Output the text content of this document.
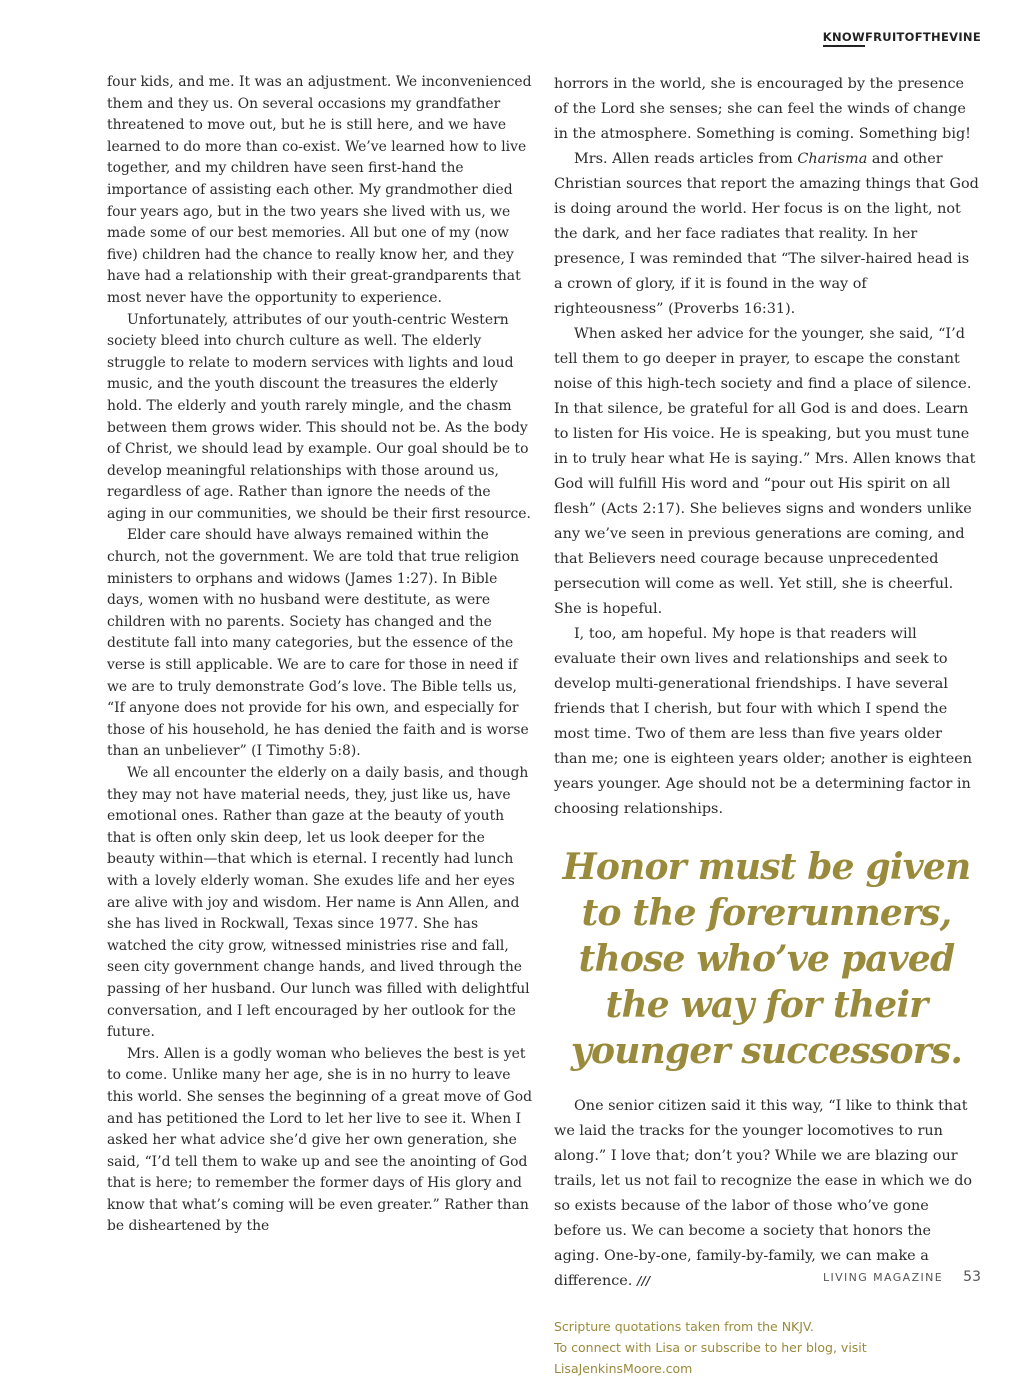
KNOWFRUITOFTHEVINE

four kids, and me. It was an adjustment. We inconvenienced them and they us. On several occasions my grandfather threatened to move out, but he is still here, and we have learned to do more than co-exist. We’ve learned how to live together, and my children have seen first-hand the importance of assisting each other. My grandmother died four years ago, but in the two years she lived with us, we made some of our best memories. All but one of my (now five) children had the chance to really know her, and they have had a relationship with their great-grandparents that most never have the opportunity to experience.

Unfortunately, attributes of our youth-centric Western society bleed into church culture as well. The elderly struggle to relate to modern services with lights and loud music, and the youth discount the treasures the elderly hold. The elderly and youth rarely mingle, and the chasm between them grows wider. This should not be. As the body of Christ, we should lead by example. Our goal should be to develop meaningful relationships with those around us, regardless of age. Rather than ignore the needs of the aging in our communities, we should be their first resource.

Elder care should have always remained within the church, not the government. We are told that true religion ministers to orphans and widows (James 1:27). In Bible days, women with no husband were destitute, as were children with no parents. Society has changed and the destitute fall into many categories, but the essence of the verse is still applicable. We are to care for those in need if we are to truly demonstrate God’s love. The Bible tells us, “If anyone does not provide for his own, and especially for those of his household, he has denied the faith and is worse than an unbeliever” (I Timothy 5:8).

We all encounter the elderly on a daily basis, and though they may not have material needs, they, just like us, have emotional ones. Rather than gaze at the beauty of youth that is often only skin deep, let us look deeper for the beauty within—that which is eternal. I recently had lunch with a lovely elderly woman. She exudes life and her eyes are alive with joy and wisdom. Her name is Ann Allen, and she has lived in Rockwall, Texas since 1977. She has watched the city grow, witnessed ministries rise and fall, seen city government change hands, and lived through the passing of her husband. Our lunch was filled with delightful conversation, and I left encouraged by her outlook for the future.

Mrs. Allen is a godly woman who believes the best is yet to come. Unlike many her age, she is in no hurry to leave this world. She senses the beginning of a great move of God and has petitioned the Lord to let her live to see it. When I asked her what advice she’d give her own generation, she said, “I’d tell them to wake up and see the anointing of God that is here; to remember the former days of His glory and know that what’s coming will be even greater.” Rather than be disheartened by the

horrors in the world, she is encouraged by the presence of the Lord she senses; she can feel the winds of change in the atmosphere. Something is coming. Something big!

Mrs. Allen reads articles from Charisma and other Christian sources that report the amazing things that God is doing around the world. Her focus is on the light, not the dark, and her face radiates that reality. In her presence, I was reminded that “The silver-haired head is a crown of glory, if it is found in the way of righteousness” (Proverbs 16:31).

When asked her advice for the younger, she said, “I’d tell them to go deeper in prayer, to escape the constant noise of this high-tech society and find a place of silence. In that silence, be grateful for all God is and does. Learn to listen for His voice. He is speaking, but you must tune in to truly hear what He is saying.” Mrs. Allen knows that God will fulfill His word and “pour out His spirit on all flesh” (Acts 2:17). She believes signs and wonders unlike any we’ve seen in previous generations are coming, and that Believers need courage because unprecedented persecution will come as well. Yet still, she is cheerful. She is hopeful.

I, too, am hopeful. My hope is that readers will evaluate their own lives and relationships and seek to develop multi-generational friendships. I have several friends that I cherish, but four with which I spend the most time. Two of them are less than five years older than me; one is eighteen years older; another is eighteen years younger. Age should not be a determining factor in choosing relationships.

Honor must be given to the forerunners, those who’ve paved the way for their younger successors.

One senior citizen said it this way, “I like to think that we laid the tracks for the younger locomotives to run along.” I love that; don’t you? While we are blazing our trails, let us not fail to recognize the ease in which we do so exists because of the labor of those who’ve gone before us. We can become a society that honors the aging. One-by-one, family-by-family, we can make a difference. ///

Scripture quotations taken from the NKJV.
To connect with Lisa or subscribe to her blog, visit
LisaJenkinsMoore.com
LIVING MAGAZINE 53
